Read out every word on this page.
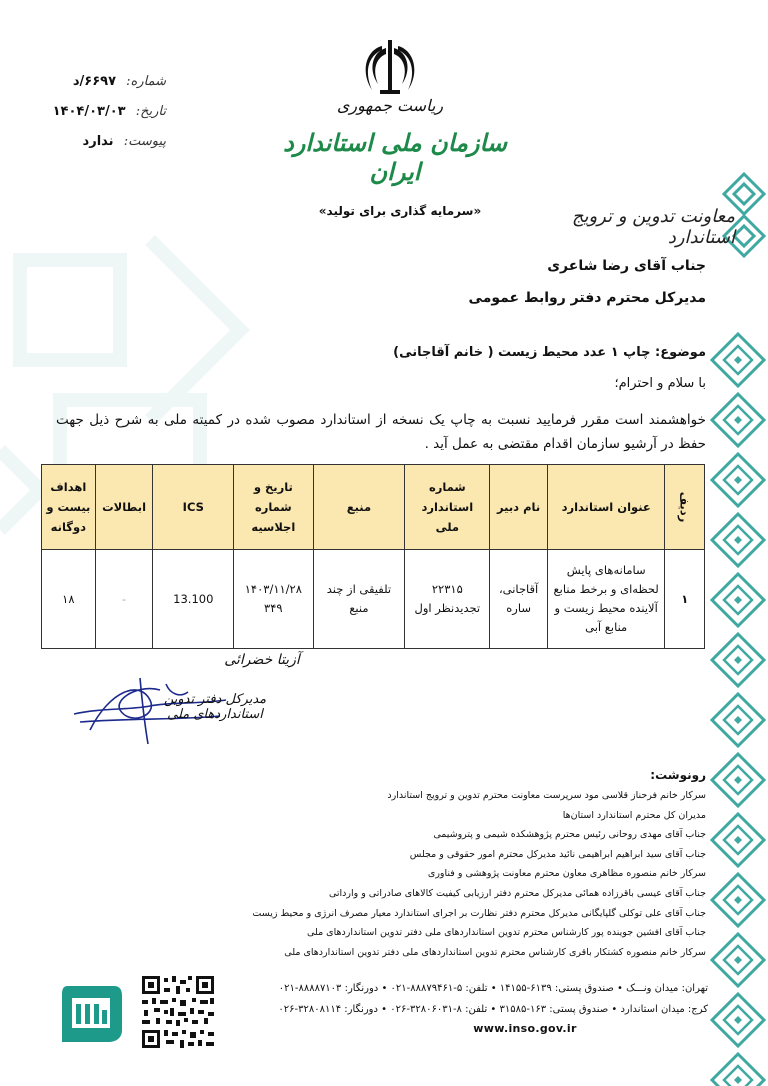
شماره: ۶۶۹۷/د
تاریخ: ۱۴۰۴/۰۳/۰۳
پیوست: ندارد
ریاست جمهوری
سازمان ملی استاندارد ایران
«سرمایه گذاری برای تولید»	معاونت تدوین و ترویج استاندارد
جناب آقای رضا شاعری
مدیرکل محترم دفتر روابط عمومی
موضوع: چاپ ۱ عدد محیط زیست ( خانم آقاجانی)
با سلام و احترام؛
خواهشمند است مقرر فرمایید نسبت به چاپ یک نسخه از استاندارد مصوب شده در کمیته ملی به شرح ذیل جهت حفظ در آرشیو سازمان اقدام مقتضی به عمل آید .
ردیف	عنوان استاندارد	نام دبیر	شماره استاندارد ملی	منبع	تاریخ و شماره اجلاسیه	ICS	ابطالات	اهداف بیست و دوگانه
۱	سامانه‌های پایش لحظه‌ای و برخط منابع آلاینده محیط زیست و منابع آبی	آقاجانی، ساره	۲۲۳۱۵ تجدیدنظر اول	تلفیقی از چند منبع	۱۴۰۳/۱۱/۲۸ ۳۴۹	13.100	-	۱۸
آزیتا خضرائی
مدیرکل دفتر تدوین استانداردهای ملی
رونوشت:
سرکار خانم فرحناز قلاسی مود سرپرست معاونت محترم تدوین و ترویج استاندارد
مدیران کل محترم استاندارد استان‌ها
جناب آقای مهدی روحانی رئیس محترم پژوهشکده شیمی و پتروشیمی
جناب آقای سید ابراهیم ابراهیمی نائید مدیرکل محترم امور حقوقی و مجلس
سرکار خانم منصوره مظاهری معاون محترم معاونت پژوهشی و فناوری
جناب آقای عیسی باقرزاده همائی مدیرکل محترم دفتر ارزیابی کیفیت کالاهای صادراتی و وارداتی
جناب آقای علی توکلی گلپایگانی مدیرکل محترم دفتر نظارت بر اجرای استاندارد معیار مصرف انرژی و محیط زیست
جناب آقای افشین جوینده پور کارشناس محترم تدوین استانداردهای ملی دفتر تدوین استانداردهای ملی
سرکار خانم منصوره کشتکار باقری کارشناس محترم تدوین استانداردهای ملی دفتر تدوین استانداردهای ملی
تهران: میدان ونـــک • صندوق پستی: ۶۱۳۹-۱۴۱۵۵ • تلفن: ۵-۸۸۸۷۹۴۶۱-۰۲۱ • دورنگار: ۸۸۸۸۷۱۰۳-۰۲۱
کرج: میدان استاندارد • صندوق پستی: ۱۶۳-۳۱۵۸۵ • تلفن: ۸-۳۲۸۰۶۰۳۱-۰۲۶ • دورنگار: ۳۲۸۰۸۱۱۴-۰۲۶
www.inso.gov.ir
